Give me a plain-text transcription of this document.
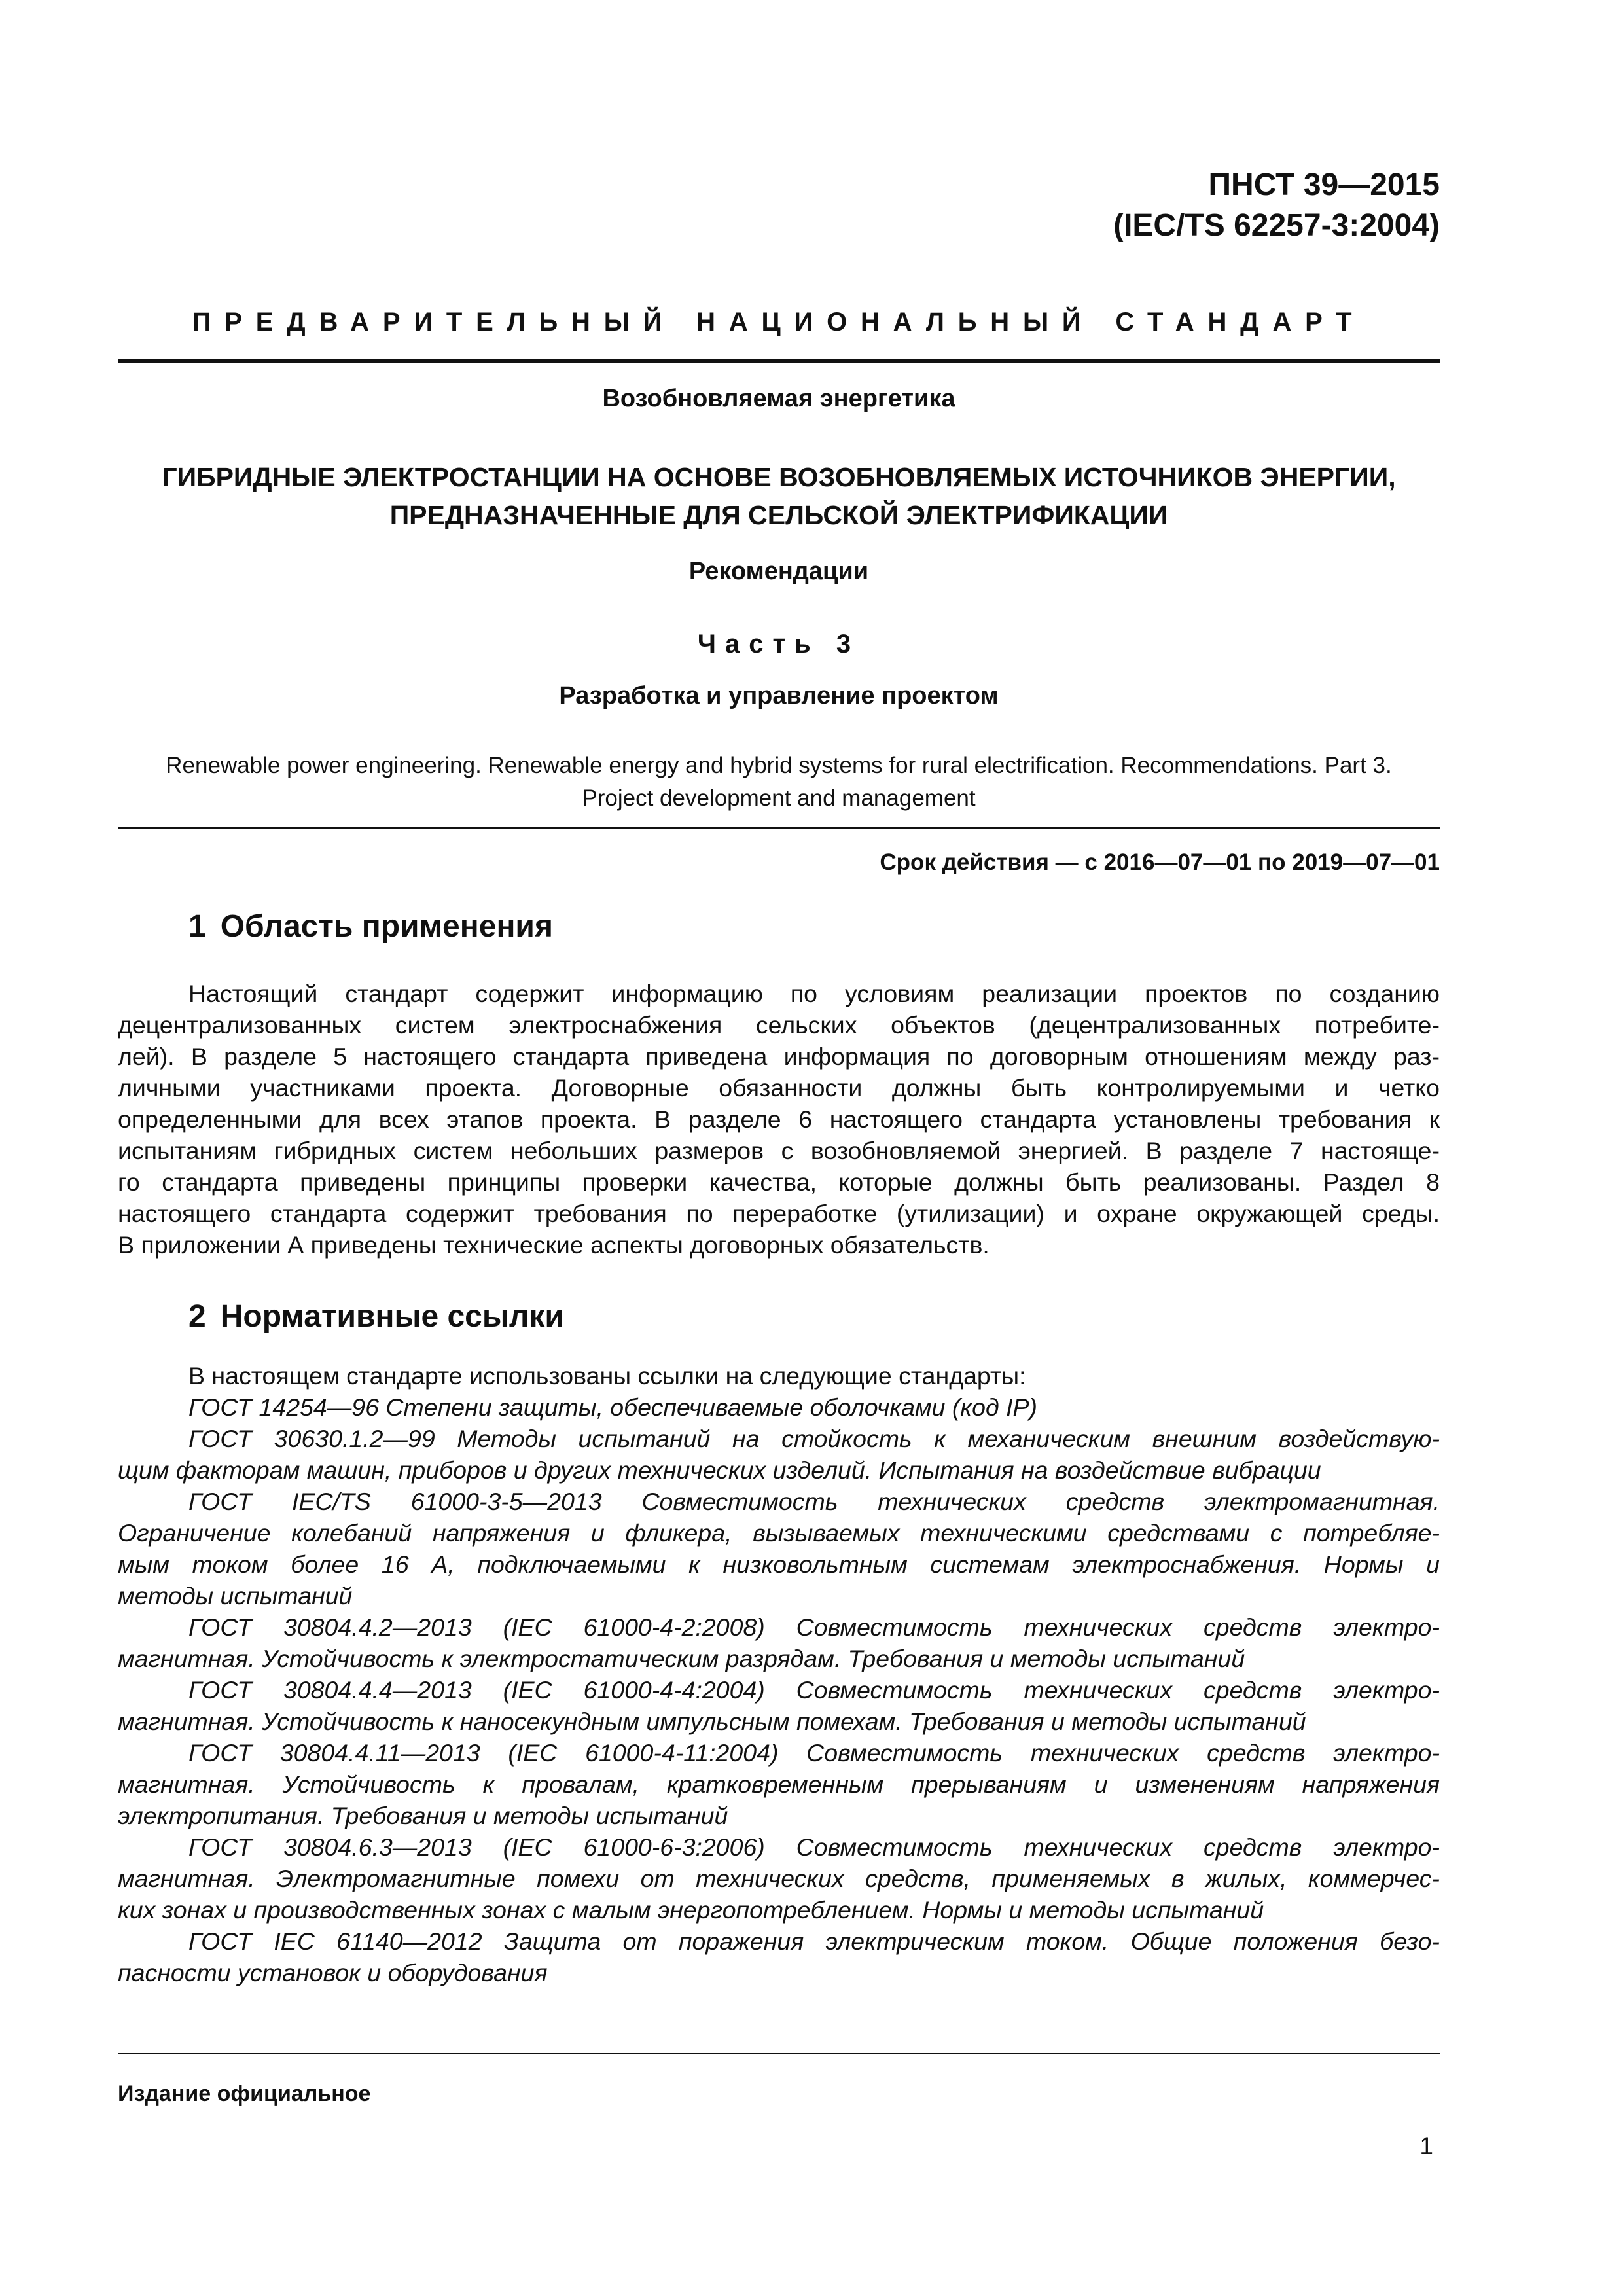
ПНСТ 39—2015
(IEC/TS 62257-3:2004)
ПРЕДВАРИТЕЛЬНЫЙ НАЦИОНАЛЬНЫЙ СТАНДАРТ
Возобновляемая энергетика
ГИБРИДНЫЕ ЭЛЕКТРОСТАНЦИИ НА ОСНОВЕ ВОЗОБНОВЛЯЕМЫХ ИСТОЧНИКОВ ЭНЕРГИИ,
ПРЕДНАЗНАЧЕННЫЕ ДЛЯ СЕЛЬСКОЙ ЭЛЕКТРИФИКАЦИИ
Рекомендации
Часть 3
Разработка и управление проектом
Renewable power engineering. Renewable energy and hybrid systems for rural electrification. Recommendations. Part 3.
Project development and management
Срок действия — с 2016—07—01 по 2019—07—01
1 Область применения
Настоящий стандарт содержит информацию по условиям реализации проектов по созданию
децентрализованных систем электроснабжения сельских объектов (децентрализованных потребите-
лей). В разделе 5 настоящего стандарта приведена информация по договорным отношениям между раз-
личными участниками проекта. Договорные обязанности должны быть контролируемыми и четко
определенными для всех этапов проекта. В разделе 6 настоящего стандарта установлены требования к
испытаниям гибридных систем небольших размеров с возобновляемой энергией. В разделе 7 настояще-
го стандарта приведены принципы проверки качества, которые должны быть реализованы. Раздел 8
настоящего стандарта содержит требования по переработке (утилизации) и охране окружающей среды.
В приложении А приведены технические аспекты договорных обязательств.
2 Нормативные ссылки
В настоящем стандарте использованы ссылки на следующие стандарты:
ГОСТ 14254—96 Степени защиты, обеспечиваемые оболочками (код IP)
ГОСТ 30630.1.2—99 Методы испытаний на стойкость к механическим внешним воздействую-
щим факторам машин, приборов и других технических изделий. Испытания на воздействие вибрации
ГОСТ IEC/TS 61000-3-5—2013 Совместимость технических средств электромагнитная.
Ограничение колебаний напряжения и фликера, вызываемых техническими средствами с потребляе-
мым током более 16 А, подключаемыми к низковольтным системам электроснабжения. Нормы и
методы испытаний
ГОСТ 30804.4.2—2013 (IEC 61000-4-2:2008) Совместимость технических средств электро-
магнитная. Устойчивость к электростатическим разрядам. Требования и методы испытаний
ГОСТ 30804.4.4—2013 (IEC 61000-4-4:2004) Совместимость технических средств электро-
магнитная. Устойчивость к наносекундным импульсным помехам. Требования и методы испытаний
ГОСТ 30804.4.11—2013 (IEC 61000-4-11:2004) Совместимость технических средств электро-
магнитная. Устойчивость к провалам, кратковременным прерываниям и изменениям напряжения
электропитания. Требования и методы испытаний
ГОСТ 30804.6.3—2013 (IEC 61000-6-3:2006) Совместимость технических средств электро-
магнитная. Электромагнитные помехи от технических средств, применяемых в жилых, коммерчес-
ких зонах и производственных зонах с малым энергопотреблением. Нормы и методы испытаний
ГОСТ IEC 61140—2012 Защита от поражения электрическим током. Общие положения безо-
пасности установок и оборудования
Издание официальное
1
